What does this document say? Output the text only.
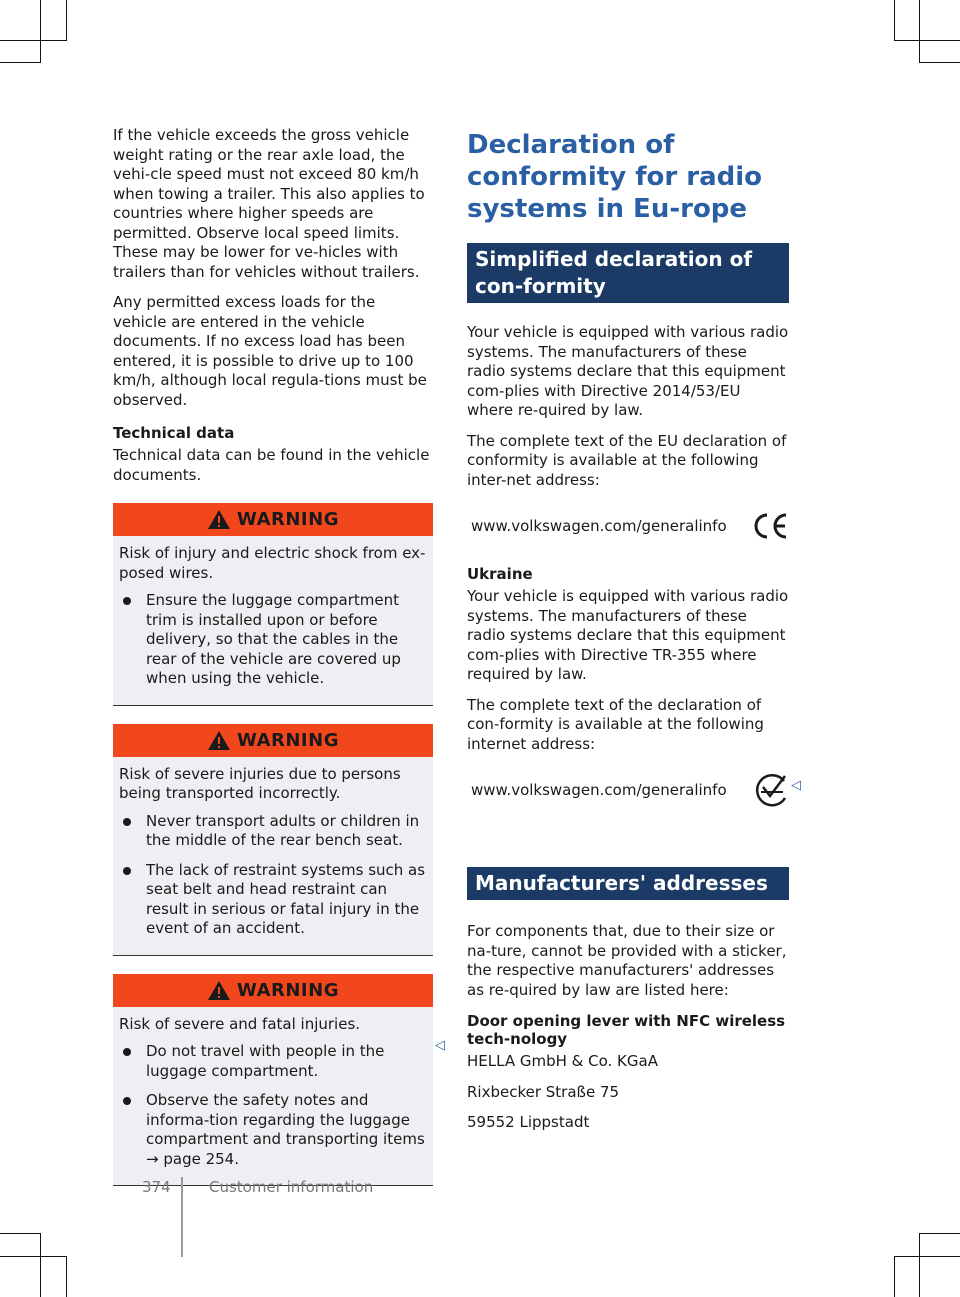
If the vehicle exceeds the gross vehicle weight rating or the rear axle load, the vehi-cle speed must not exceed 80 km/h when towing a trailer. This also applies to countries where higher speeds are permitted. Observe local speed limits. These may be lower for ve-hicles with trailers than for vehicles without trailers.

Any permitted excess loads for the vehicle are entered in the vehicle documents. If no excess load has been entered, it is possible to drive up to 100 km/h, although local regula-tions must be observed.

Technical data

Technical data can be found in the vehicle documents.

WARNING

Risk of injury and electric shock from ex-posed wires.

Ensure the luggage compartment trim is installed upon or before delivery, so that the cables in the rear of the vehicle are covered up when using the vehicle.
WARNING

Risk of severe injuries due to persons being transported incorrectly.

Never transport adults or children in the middle of the rear bench seat.
The lack of restraint systems such as seat belt and head restraint can result in serious or fatal injury in the event of an accident.
WARNING

Risk of severe and fatal injuries.

Do not travel with people in the luggage compartment.
Observe the safety notes and informa-tion regarding the luggage compartment and transporting items → page 254.
◁
Declaration of conformity for radio systems in Eu-rope
Simplified declaration of con-formity

Your vehicle is equipped with various radio systems. The manufacturers of these radio systems declare that this equipment com-plies with Directive 2014/53/EU where re-quired by law.

The complete text of the EU declaration of conformity is available at the following inter-net address:

www.volkswagen.com/generalinfo
Ukraine

Your vehicle is equipped with various radio systems. The manufacturers of these radio systems declare that this equipment com-plies with Directive TR-355 where required by law.

The complete text of the declaration of con-formity is available at the following internet address:

www.volkswagen.com/generalinfo
Manufacturers' addresses

For components that, due to their size or na-ture, cannot be provided with a sticker, the respective manufacturers' addresses as re-quired by law are listed here:

Door opening lever with NFC wireless tech-nology

HELLA GmbH & Co. KGaA

Rixbecker Straße 75

59552 Lippstadt

◁
374	Customer information
